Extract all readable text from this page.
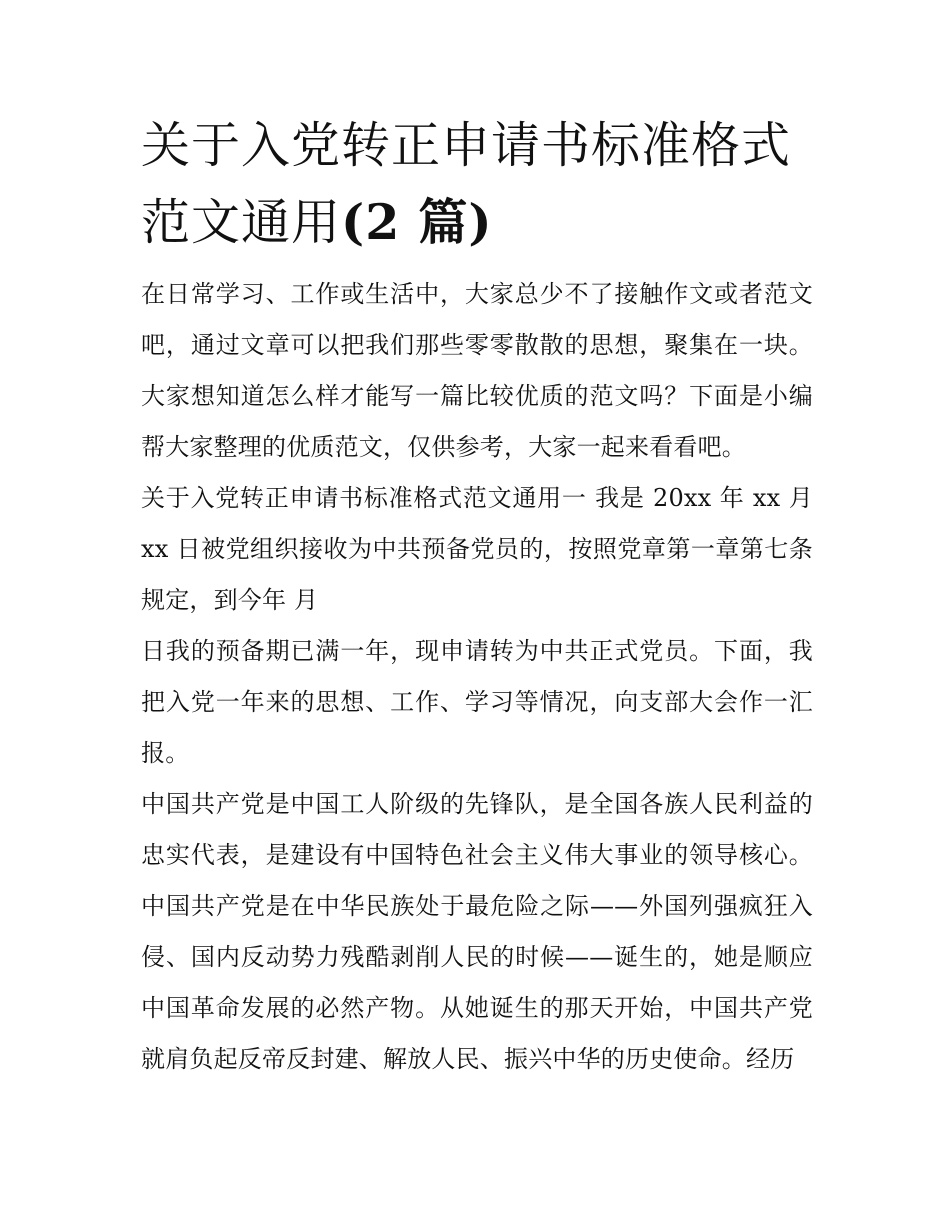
关于入党转正申请书标准格式范文通用(2 篇)

在日常学习、工作或生活中，大家总少不了接触作文或者范文吧，通过文章可以把我们那些零零散散的思想，聚集在一块。大家想知道怎么样才能写一篇比较优质的范文吗？下面是小编帮大家整理的优质范文，仅供参考，大家一起来看看吧。

关于入党转正申请书标准格式范文通用一 我是 20xx 年 xx 月 xx 日被党组织接收为中共预备党员的，按照党章第一章第七条规定，到今年 月

日我的预备期已满一年，现申请转为中共正式党员。下面，我把入党一年来的思想、工作、学习等情况，向支部大会作一汇报。

中国共产党是中国工人阶级的先锋队，是全国各族人民利益的忠实代表，是建设有中国特色社会主义伟大事业的领导核心。中国共产党是在中华民族处于最危险之际——外国列强疯狂入侵、国内反动势力残酷剥削人民的时候——诞生的，她是顺应中国革命发展的必然产物。从她诞生的那天开始，中国共产党就肩负起反帝反封建、解放人民、振兴中华的历史使命。经历
